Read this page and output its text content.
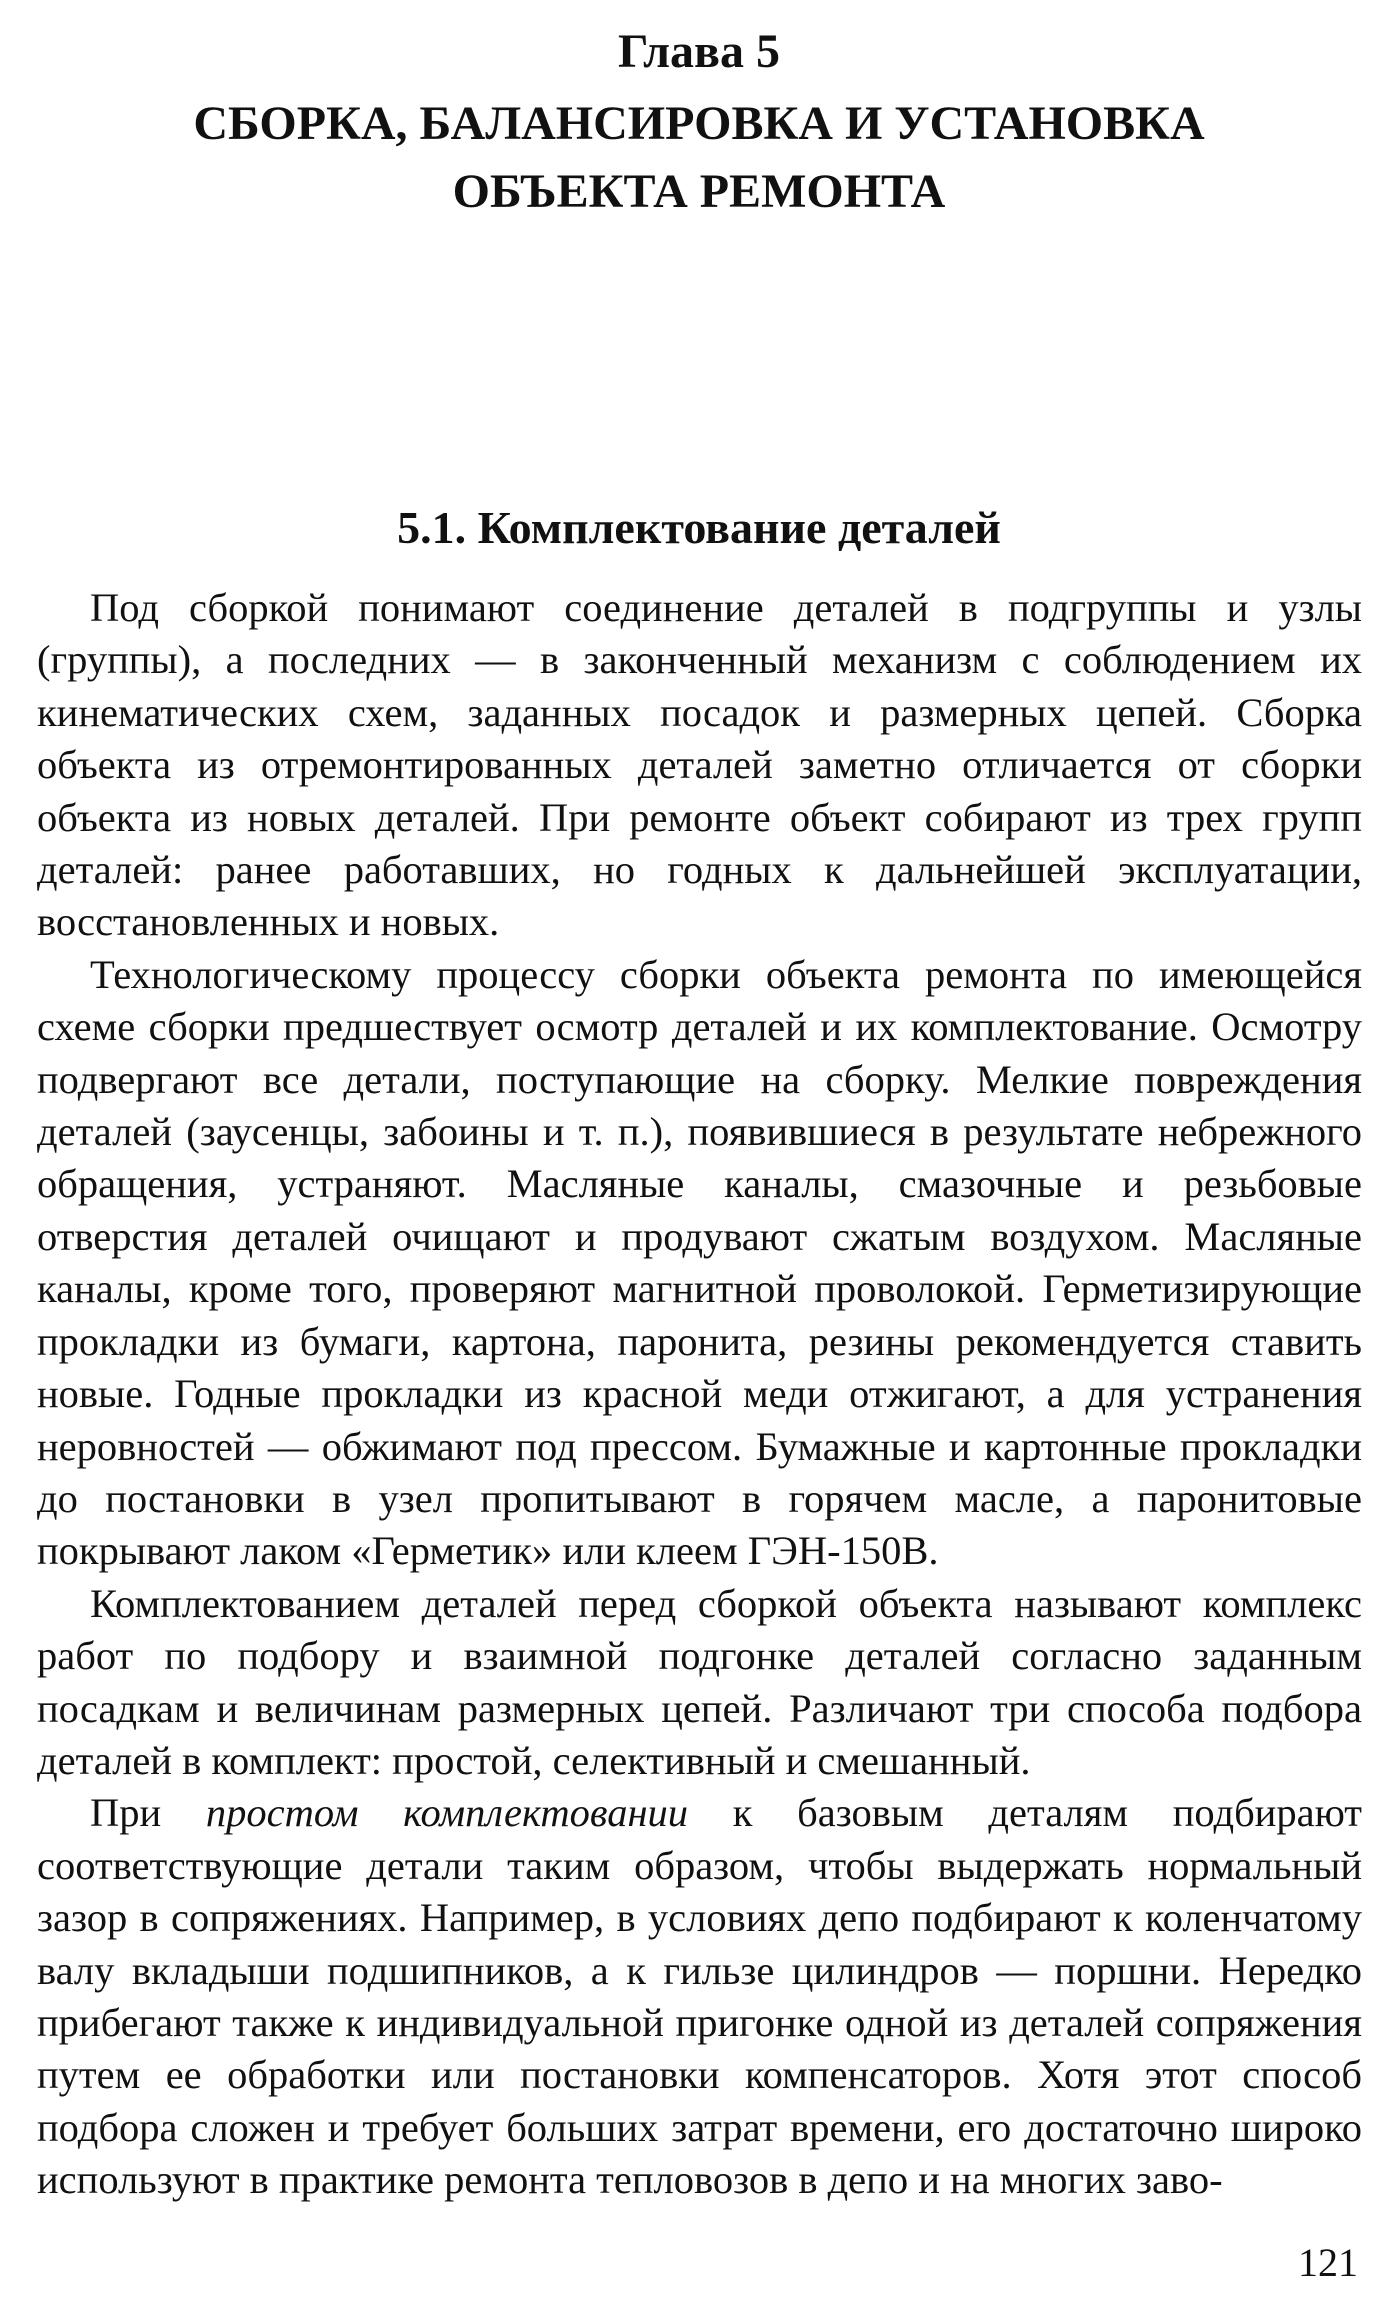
Глава 5
СБОРКА, БАЛАНСИРОВКА И УСТАНОВКА
ОБЪЕКТА РЕМОНТА
5.1. Комплектование деталей

Под сборкой понимают соединение деталей в подгруппы и узлы (группы), а последних — в законченный механизм с соблюдением их кинематических схем, заданных посадок и размерных цепей. Сборка объекта из отремонтированных деталей заметно отличается от сборки объекта из новых деталей. При ремонте объект собирают из трех групп деталей: ранее работавших, но годных к дальнейшей эксплуатации, восстановленных и новых.

Технологическому процессу сборки объекта ремонта по имеющейся схеме сборки предшествует осмотр деталей и их комплектование. Осмотру подвергают все детали, поступающие на сборку. Мелкие повреждения деталей (заусенцы, забоины и т. п.), появившиеся в результате небрежного обращения, устраняют. Масляные каналы, смазочные и резьбовые отверстия деталей очищают и продувают сжатым воздухом. Масляные каналы, кроме того, проверяют магнитной проволокой. Герметизирующие прокладки из бумаги, картона, паронита, резины рекомендуется ставить новые. Годные прокладки из красной меди отжигают, а для устранения неровностей — обжимают под прессом. Бумажные и картонные прокладки до постановки в узел пропитывают в горячем масле, а паронитовые покрывают лаком «Герметик» или клеем ГЭН-150В.

Комплектованием деталей перед сборкой объекта называют комплекс работ по подбору и взаимной подгонке деталей согласно заданным посадкам и величинам размерных цепей. Различают три способа подбора деталей в комплект: простой, селективный и смешанный.

При простом комплектовании к базовым деталям подбирают соответствующие детали таким образом, чтобы выдержать нормальный зазор в сопряжениях. Например, в условиях депо подбирают к коленчатому валу вкладыши подшипников, а к гильзе цилиндров — поршни. Нередко прибегают также к индивидуальной пригонке одной из деталей сопряжения путем ее обработки или постановки компенсаторов. Хотя этот способ подбора сложен и требует больших затрат времени, его достаточно широко используют в практике ремонта тепловозов в депо и на многих заво-

121
